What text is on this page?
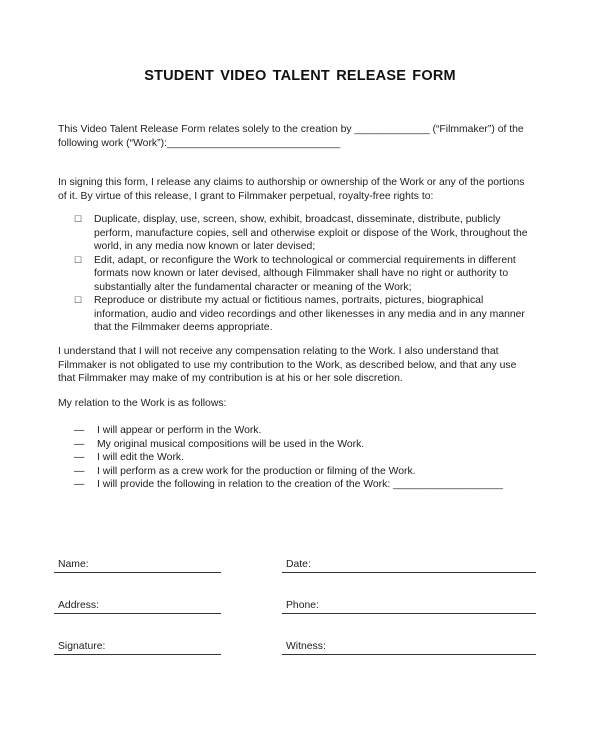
STUDENT VIDEO TALENT RELEASE FORM
This Video Talent Release Form relates solely to the creation by _____________ (“Filmmaker”) of the following work (“Work”):______________________________
In signing this form, I release any claims to authorship or ownership of the Work or any of the portions of it. By virtue of this release, I grant to Filmmaker perpetual, royalty-free rights to:
☐	Duplicate, display, use, screen, show, exhibit, broadcast, disseminate, distribute, publicly perform, manufacture copies, sell and otherwise exploit or dispose of the Work, throughout the world, in any media now known or later devised;
☐	Edit, adapt, or reconfigure the Work to technological or commercial requirements in different formats now known or later devised, although Filmmaker shall have no right or authority to substantially alter the fundamental character or meaning of the Work;
☐	Reproduce or distribute my actual or fictitious names, portraits, pictures, biographical information, audio and video recordings and other likenesses in any media and in any manner that the Filmmaker deems appropriate.
I understand that I will not receive any compensation relating to the Work. I also understand that Filmmaker is not obligated to use my contribution to the Work, as described below, and that any use that Filmmaker may make of my contribution is at his or her sole discretion.
My relation to the Work is as follows:
—	I will appear or perform in the Work.
—	My original musical compositions will be used in the Work.
—	I will edit the Work.
—	I will perform as a crew work for the production or filming of the Work.
—	I will provide the following in relation to the creation of the Work: ___________________
Name:	Date:
Address:	Phone:
Signature:	Witness:
